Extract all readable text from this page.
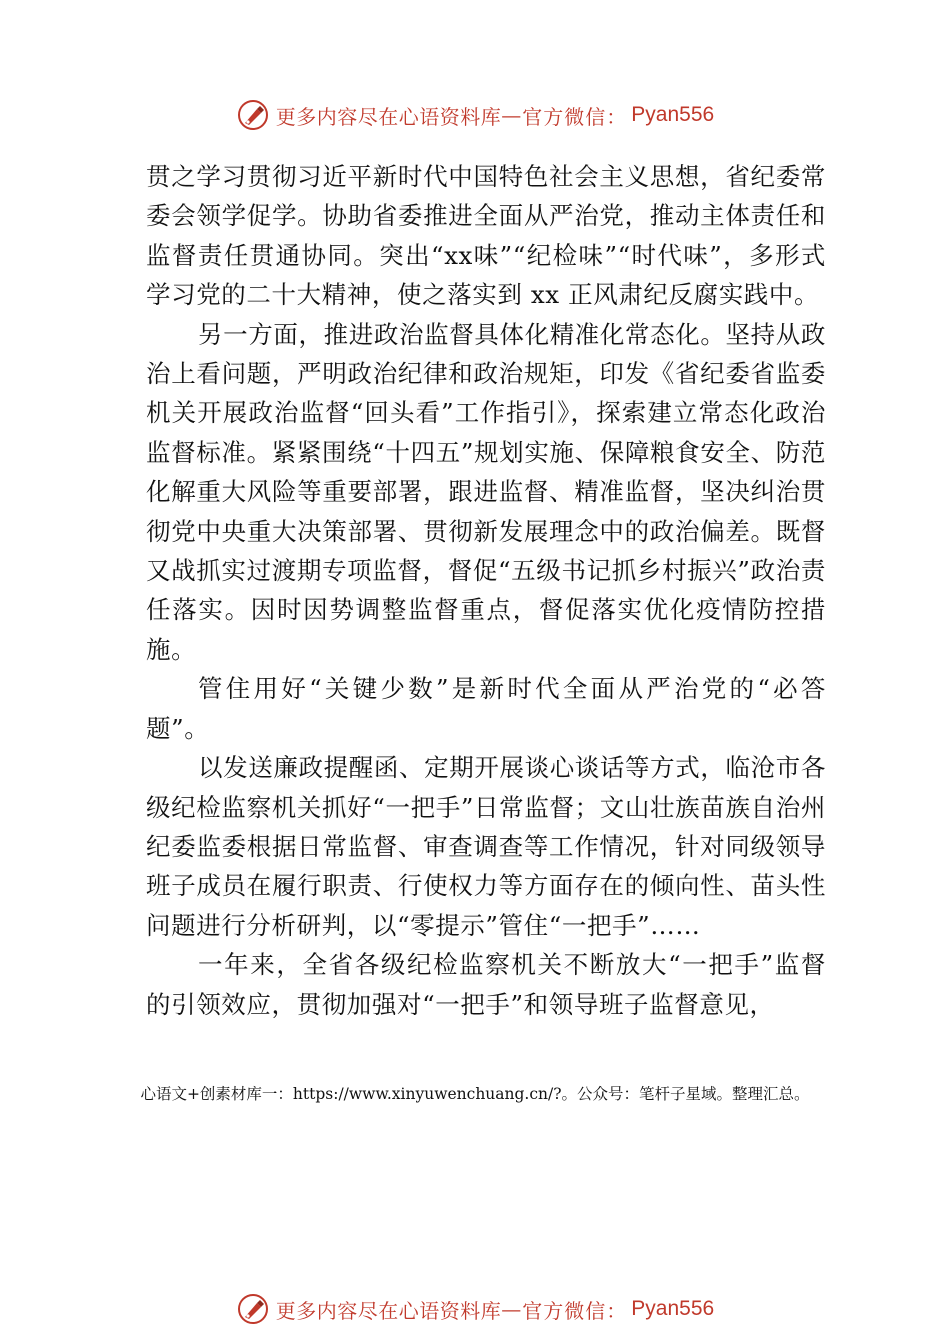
更多内容尽在心语资料库 — 官方微信： Pyan556

贯之学习贯彻习近平新时代中国特色社会主义思想，省纪委常委会领学促学。协助省委推进全面从严治党，推动主体责任和监督责任贯通协同。突出“xx味”“纪检味”“时代味”，多形式学习党的二十大精神，使之落实到 xx 正风肃纪反腐实践中。

另一方面，推进政治监督具体化精准化常态化。坚持从政治上看问题，严明政治纪律和政治规矩，印发《省纪委省监委机关开展政治监督“回头看”工作指引》，探索建立常态化政治监督标准。紧紧围绕“十四五”规划实施、保障粮食安全、防范化解重大风险等重要部署，跟进监督、精准监督，坚决纠治贯彻党中央重大决策部署、贯彻新发展理念中的政治偏差。既督又战抓实过渡期专项监督，督促“五级书记抓乡村振兴”政治责任落实。因时因势调整监督重点，督促落实优化疫情防控措施。

管住用好“关键少数”是新时代全面从严治党的“必答题”。

以发送廉政提醒函、定期开展谈心谈话等方式，临沧市各级纪检监察机关抓好“一把手”日常监督；文山壮族苗族自治州纪委监委根据日常监督、审查调查等工作情况，针对同级领导班子成员在履行职责、行使权力等方面存在的倾向性、苗头性问题进行分析研判，以“零提示”管住“一把手”……

一年来，全省各级纪检监察机关不断放大“一把手”监督的引领效应，贯彻加强对“一把手”和领导班子监督意见，

心语文+创素材库一：https://www.xinyuwenchuang.cn/?。公众号：笔杆子星域。整理汇总。
更多内容尽在心语资料库 — 官方微信： Pyan556
